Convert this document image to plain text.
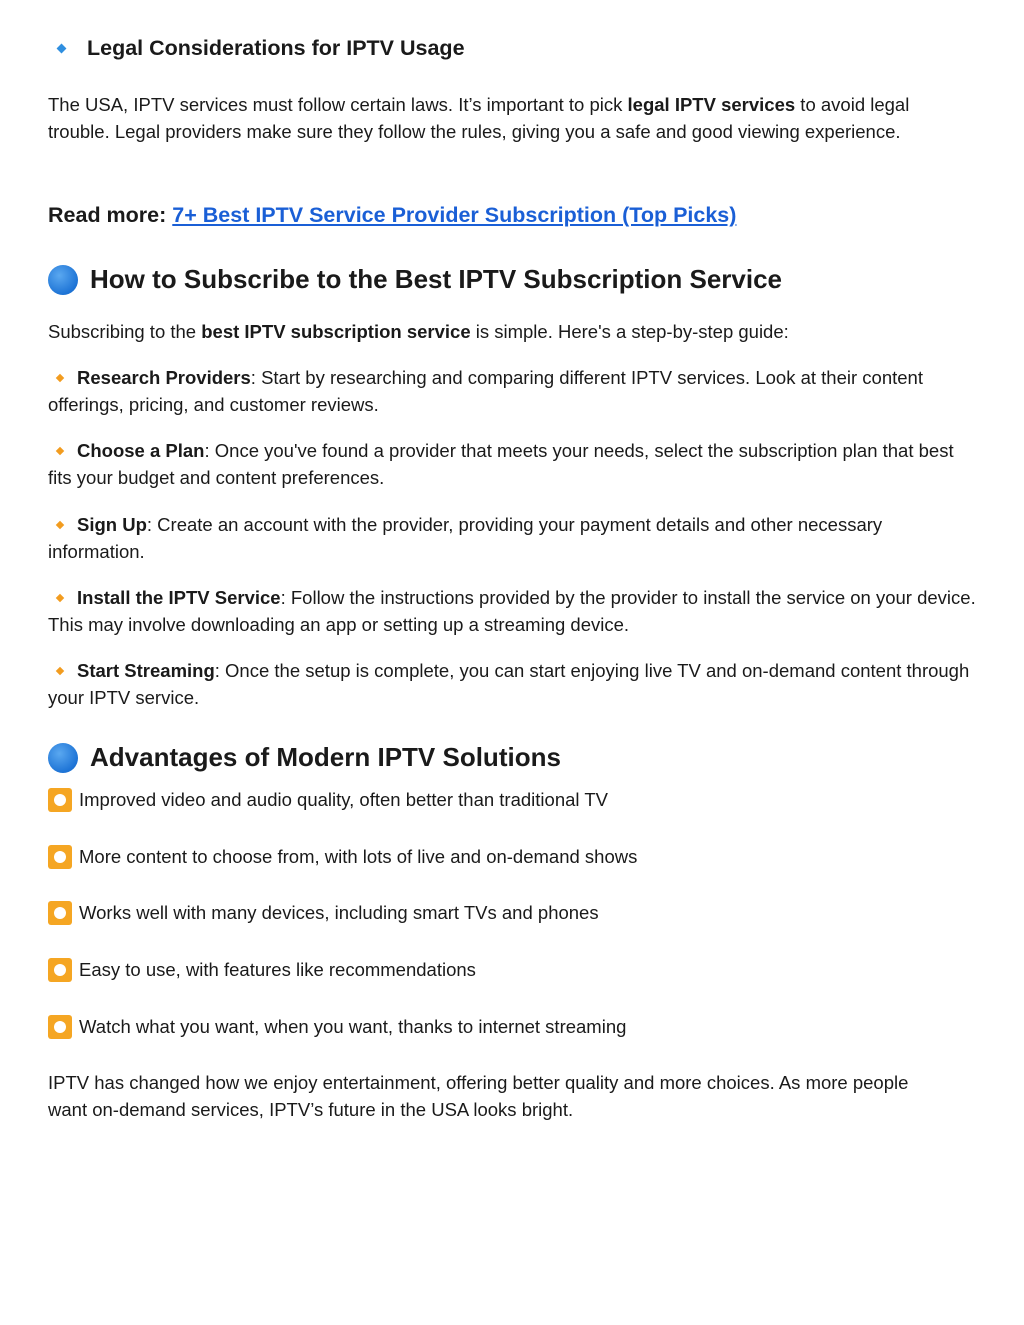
Legal Considerations for IPTV Usage

The USA, IPTV services must follow certain laws. It’s important to pick legal IPTV services to avoid legal trouble. Legal providers make sure they follow the rules, giving you a safe and good viewing experience.

Read more: 7+ Best IPTV Service Provider Subscription (Top Picks)
How to Subscribe to the Best IPTV Subscription Service

Subscribing to the best IPTV subscription service is simple. Here's a step-by-step guide:

Research Providers: Start by researching and comparing different IPTV services. Look at their content offerings, pricing, and customer reviews.

Choose a Plan: Once you've found a provider that meets your needs, select the subscription plan that best fits your budget and content preferences.

Sign Up: Create an account with the provider, providing your payment details and other necessary information.

Install the IPTV Service: Follow the instructions provided by the provider to install the service on your device. This may involve downloading an app or setting up a streaming device.

Start Streaming: Once the setup is complete, you can start enjoying live TV and on-demand content through your IPTV service.

Advantages of Modern IPTV Solutions
Improved video and audio quality, often better than traditional TV
More content to choose from, with lots of live and on-demand shows
Works well with many devices, including smart TVs and phones
Easy to use, with features like recommendations
Watch what you want, when you want, thanks to internet streaming

IPTV has changed how we enjoy entertainment, offering better quality and more choices. As more people want on-demand services, IPTV’s future in the USA looks bright.
